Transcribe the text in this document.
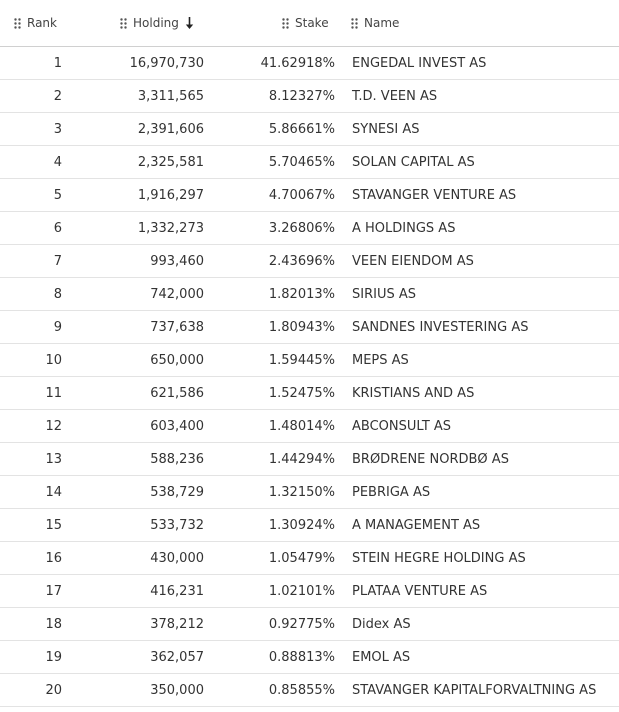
Rank	Holding	Stake	Name
1	16,970,730	41.62918% ENGEDAL INVEST AS
2	3,311,565	8.12327% T.D. VEEN AS
3	2,391,606	5.86661% SYNESI AS
4	2,325,581	5.70465% SOLAN CAPITAL AS
5	1,916,297	4.70067% STAVANGER VENTURE AS
6	1,332,273	3.26806% A HOLDINGS AS
7	993,460	2.43696% VEEN EIENDOM AS
8	742,000	1.82013% SIRIUS AS
9	737,638	1.80943% SANDNES INVESTERING AS
10	650,000	1.59445% MEPS AS
11	621,586	1.52475% KRISTIANS AND AS
12	603,400	1.48014% ABCONSULT AS
13	588,236	1.44294% BRØDRENE NORDBØ AS
14	538,729	1.32150% PEBRIGA AS
15	533,732	1.30924% A MANAGEMENT AS
16	430,000	1.05479% STEIN HEGRE HOLDING AS
17	416,231	1.02101% PLATAA VENTURE AS
18	378,212	0.92775% Didex AS
19	362,057	0.88813% EMOL AS
20	350,000	0.85855% STAVANGER KAPITALFORVALTNING AS
